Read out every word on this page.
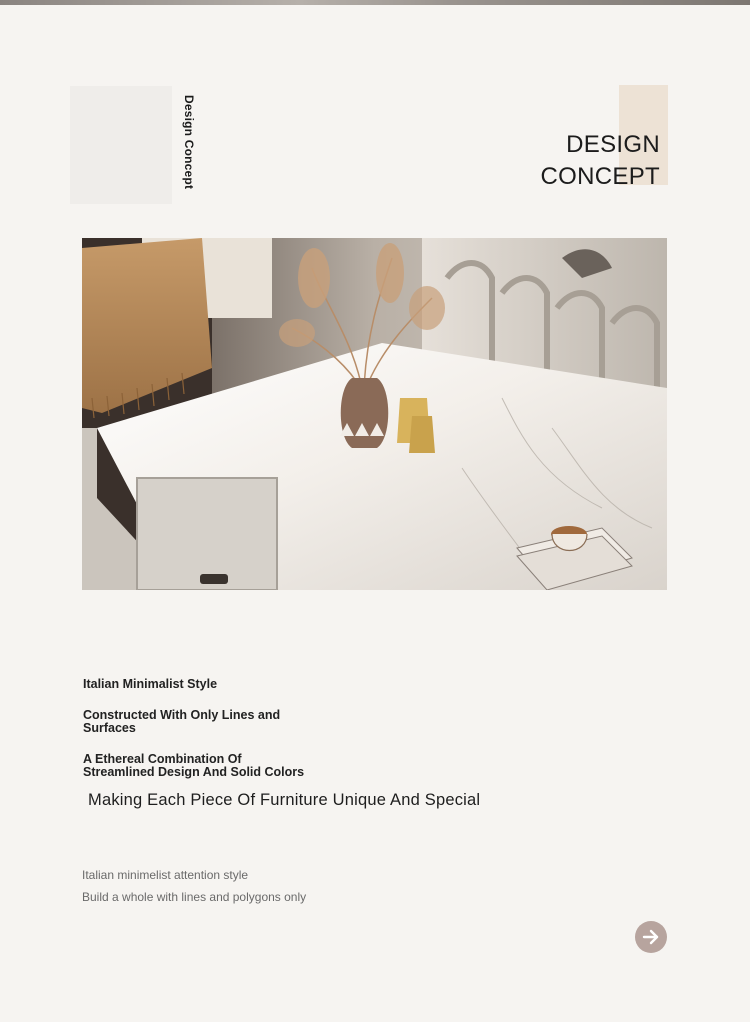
Design Concept	DESIGN
CONCEPT
Italian Minimalist Style
Constructed With Only Lines and Surfaces
A Ethereal Combination Of Streamlined Design And Solid Colors
Making Each Piece Of Furniture Unique And Special
Italian minimelist attention style
Build a whole with lines and polygons only
